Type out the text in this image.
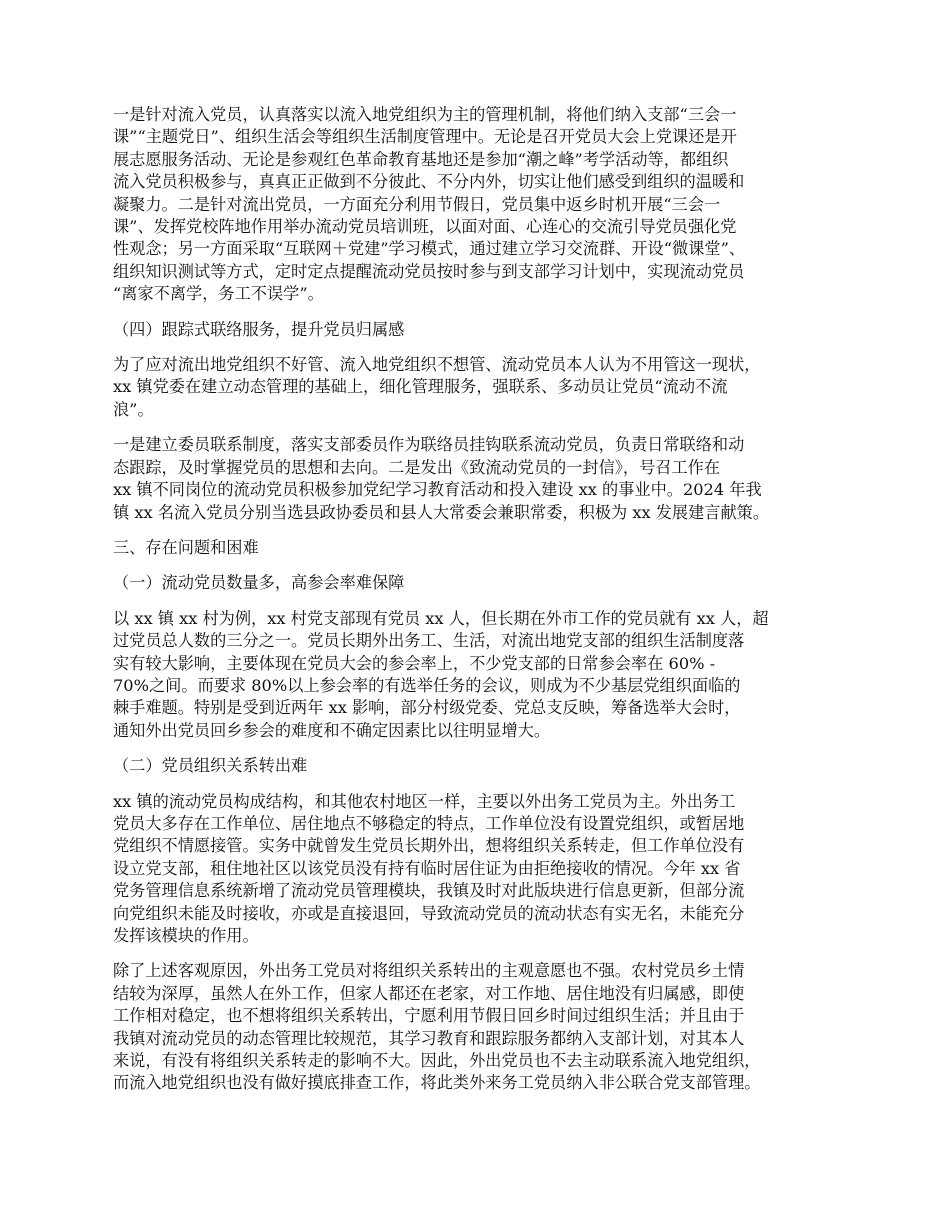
一是针对流入党员，认真落实以流入地党组织为主的管理机制，将他们纳入支部“三会一
课”“主题党日”、组织生活会等组织生活制度管理中。无论是召开党员大会上党课还是开
展志愿服务活动、无论是参观红色革命教育基地还是参加“潮之峰”考学活动等，都组织
流入党员积极参与，真真正正做到不分彼此、不分内外，切实让他们感受到组织的温暖和
凝聚力。二是针对流出党员，一方面充分利用节假日，党员集中返乡时机开展“三会一
课”、发挥党校阵地作用举办流动党员培训班，以面对面、心连心的交流引导党员强化党
性观念；另一方面采取“互联网＋党建”学习模式，通过建立学习交流群、开设“微课堂”、
组织知识测试等方式，定时定点提醒流动党员按时参与到支部学习计划中，实现流动党员
“离家不离学，务工不误学”。

（四）跟踪式联络服务，提升党员归属感

为了应对流出地党组织不好管、流入地党组织不想管、流动党员本人认为不用管这一现状，
xx 镇党委在建立动态管理的基础上，细化管理服务，强联系、多动员让党员“流动不流
浪”。

一是建立委员联系制度，落实支部委员作为联络员挂钩联系流动党员，负责日常联络和动
态跟踪，及时掌握党员的思想和去向。二是发出《致流动党员的一封信》，号召工作在
xx 镇不同岗位的流动党员积极参加党纪学习教育活动和投入建设 xx 的事业中。2024 年我
镇 xx 名流入党员分别当选县政协委员和县人大常委会兼职常委，积极为 xx 发展建言献策。

三、存在问题和困难

（一）流动党员数量多，高参会率难保障

以 xx 镇 xx 村为例，xx 村党支部现有党员 xx 人，但长期在外市工作的党员就有 xx 人，超
过党员总人数的三分之一。党员长期外出务工、生活，对流出地党支部的组织生活制度落
实有较大影响，主要体现在党员大会的参会率上，不少党支部的日常参会率在 60% -
70%之间。而要求 80%以上参会率的有选举任务的会议，则成为不少基层党组织面临的
棘手难题。特别是受到近两年 xx 影响，部分村级党委、党总支反映，筹备选举大会时，
通知外出党员回乡参会的难度和不确定因素比以往明显增大。

（二）党员组织关系转出难

xx 镇的流动党员构成结构，和其他农村地区一样，主要以外出务工党员为主。外出务工
党员大多存在工作单位、居住地点不够稳定的特点，工作单位没有设置党组织，或暂居地
党组织不情愿接管。实务中就曾发生党员长期外出，想将组织关系转走，但工作单位没有
设立党支部，租住地社区以该党员没有持有临时居住证为由拒绝接收的情况。今年 xx 省
党务管理信息系统新增了流动党员管理模块，我镇及时对此版块进行信息更新，但部分流
向党组织未能及时接收，亦或是直接退回，导致流动党员的流动状态有实无名，未能充分
发挥该模块的作用。

除了上述客观原因，外出务工党员对将组织关系转出的主观意愿也不强。农村党员乡土情
结较为深厚，虽然人在外工作，但家人都还在老家，对工作地、居住地没有归属感，即使
工作相对稳定，也不想将组织关系转出，宁愿利用节假日回乡时间过组织生活；并且由于
我镇对流动党员的动态管理比较规范，其学习教育和跟踪服务都纳入支部计划，对其本人
来说，有没有将组织关系转走的影响不大。因此，外出党员也不去主动联系流入地党组织，
而流入地党组织也没有做好摸底排查工作，将此类外来务工党员纳入非公联合党支部管理。
